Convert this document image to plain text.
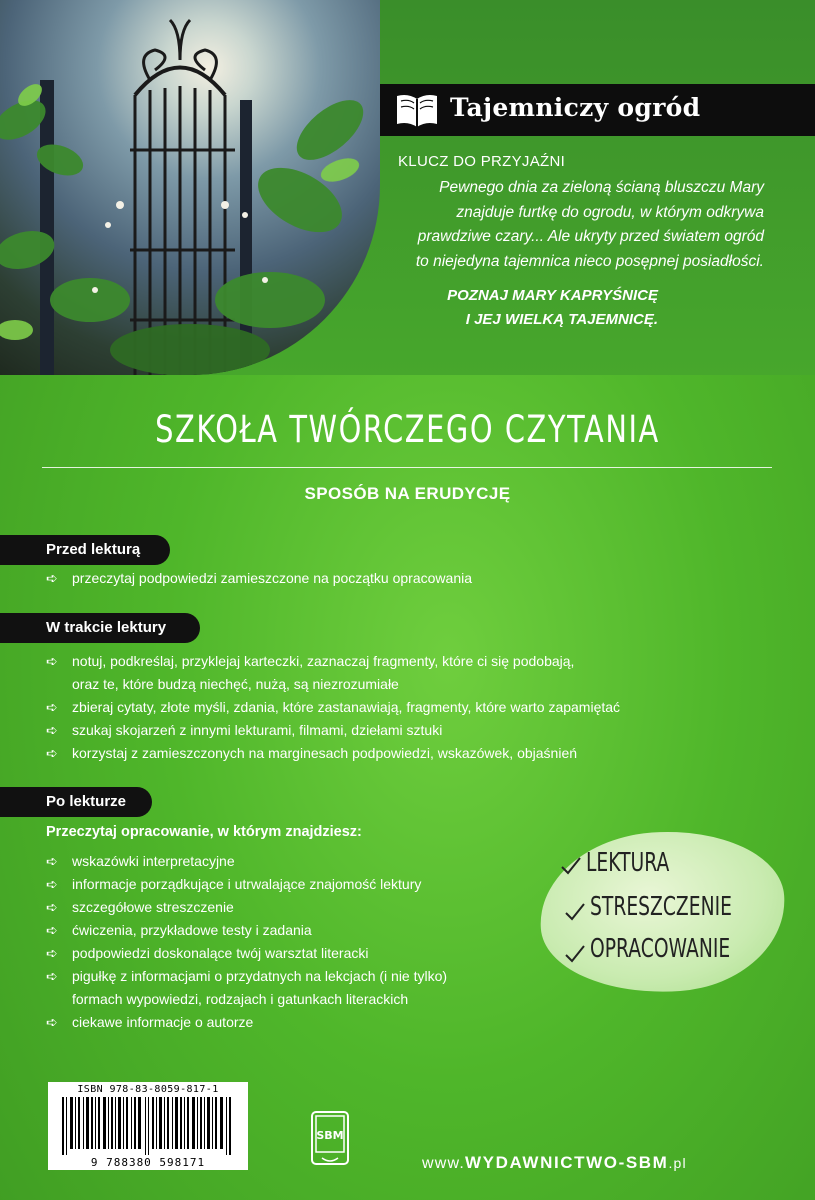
Tajemniczy ogród
KLUCZ DO PRZYJAŹNI
Pewnego dnia za zieloną ścianą bluszczu Mary
znajduje furtkę do ogrodu, w którym odkrywa
prawdziwe czary... Ale ukryty przed światem ogród
to niejedyna tajemnica nieco posępnej posiadłości.
POZNAJ MARY KAPRYŚNICĘ
I JEJ WIELKĄ TAJEMNICĘ.
SZKOŁA TWÓRCZEGO CZYTANIA
SPOSÓB NA ERUDYCJĘ
Przed lekturą
➪ przeczytaj podpowiedzi zamieszczone na początku opracowania
W trakcie lektury
➪ notuj, podkreślaj, przyklejaj karteczki, zaznaczaj fragmenty, które ci się podobają,
oraz te, które budzą niechęć, nużą, są niezrozumiałe
➪ zbieraj cytaty, złote myśli, zdania, które zastanawiają, fragmenty, które warto zapamiętać
➪ szukaj skojarzeń z innymi lekturami, filmami, dziełami sztuki
➪ korzystaj z zamieszczonych na marginesach podpowiedzi, wskazówek, objaśnień
Po lekturze
Przeczytaj opracowanie, w którym znajdziesz:
➪ wskazówki interpretacyjne
➪ informacje porządkujące i utrwalające znajomość lektury
➪ szczegółowe streszczenie
➪ ćwiczenia, przykładowe testy i zadania
➪ podpowiedzi doskonalące twój warsztat literacki
➪ pigułkę z informacjami o przydatnych na lekcjach (i nie tylko)
formach wypowiedzi, rodzajach i gatunkach literackich
➪ ciekawe informacje o autorze
LEKTURA
STRESZCZENIE
OPRACOWANIE
ISBN 978-83-8059-817-1
9 788380 598171
SBM
www.WYDAWNICTWO-SBM.pl
